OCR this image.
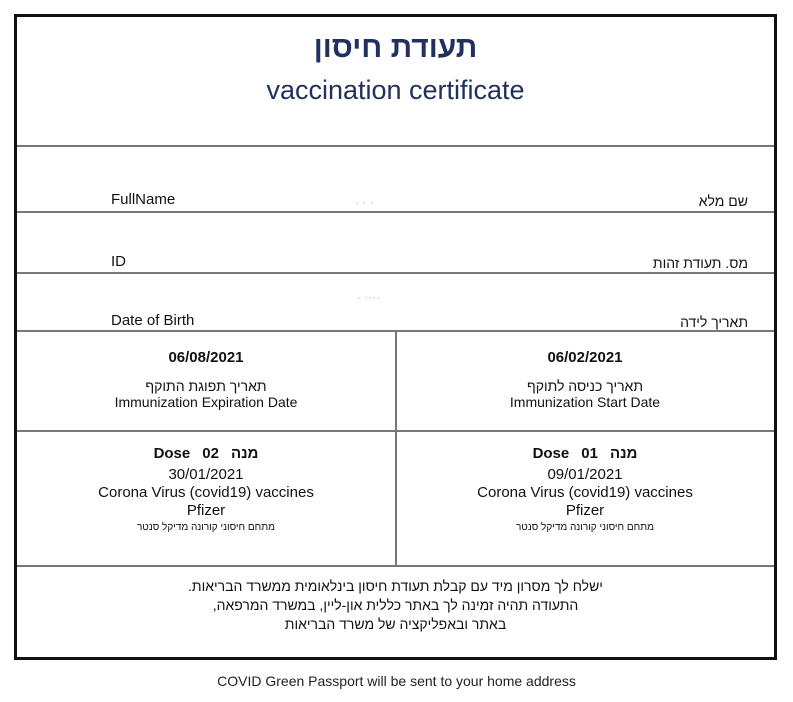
תעודת חיסון
vaccination certificate
FullName	· · ·	שם מלא
ID	מס. תעודת זהות
· ····
Date of Birth	תאריך לידה
06/08/2021
תאריך תפוגת התוקף
Immunization Expiration Date
06/02/2021
תאריך כניסה לתוקף
Immunization Start Date
Dose 02 מנה
30/01/2021
Corona Virus (covid19) vaccines
Pfizer
מתחם חיסוני קורונה מדיקל סנטר
Dose 01 מנה
09/01/2021
Corona Virus (covid19) vaccines
Pfizer
מתחם חיסוני קורונה מדיקל סנטר
ישלח לך מסרון מיד עם קבלת תעודת חיסון בינלאומית ממשרד הבריאות.
התעודה תהיה זמינה לך באתר כללית און-ליין, במשרד המרפאה,
באתר ובאפליקציה של משרד הבריאות
COVID Green Passport will be sent to your home address
